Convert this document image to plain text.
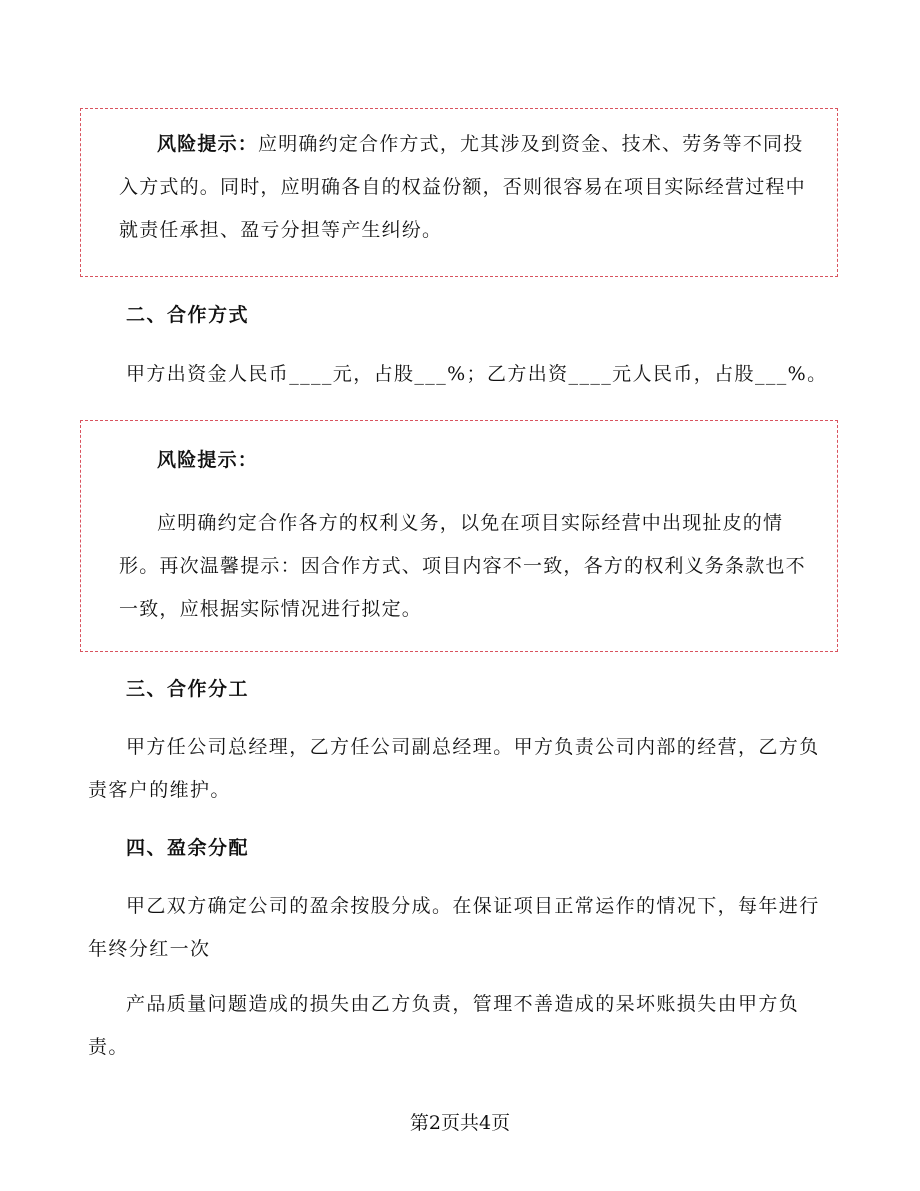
风险提示：应明确约定合作方式，尤其涉及到资金、技术、劳务等不同投入方式的。同时，应明确各自的权益份额，否则很容易在项目实际经营过程中就责任承担、盈亏分担等产生纠纷。

二、合作方式

甲方出资金人民币____元，占股___%；乙方出资____元人民币，占股___%。

风险提示：

应明确约定合作各方的权利义务，以免在项目实际经营中出现扯皮的情形。再次温馨提示：因合作方式、项目内容不一致，各方的权利义务条款也不一致，应根据实际情况进行拟定。

三、合作分工

甲方任公司总经理，乙方任公司副总经理。甲方负责公司内部的经营，乙方负责客户的维护。

四、盈余分配

甲乙双方确定公司的盈余按股分成。在保证项目正常运作的情况下，每年进行年终分红一次

产品质量问题造成的损失由乙方负责，管理不善造成的呆坏账损失由甲方负责。

第2页共4页
